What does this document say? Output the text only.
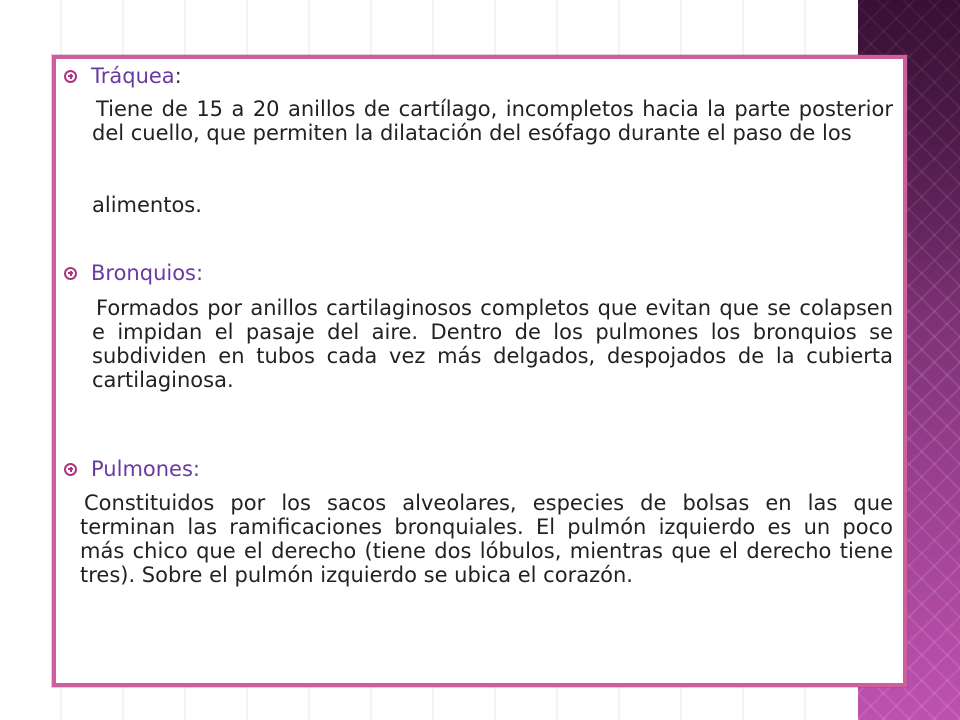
Tráquea :
Tiene de 15 a 20 anillos de cartílago, incompletos hacia la parte posterior del cuello, que permiten la dilatación del esófago durante el paso de los
alimentos.
Bronquios:
Formados por anillos cartilaginosos completos que evitan que se colapsen e impidan el pasaje del aire. Dentro de los pulmones los bronquios se subdividen en tubos cada vez más delgados, despojados de la cubierta cartilaginosa.
Pulmones:
Constituidos por los sacos alveolares, especies de bolsas en las que terminan las ramificaciones bronquiales. El pulmón izquierdo es un poco más chico que el derecho (tiene dos lóbulos, mientras que el derecho tiene tres). Sobre el pulmón izquierdo se ubica el corazón.
